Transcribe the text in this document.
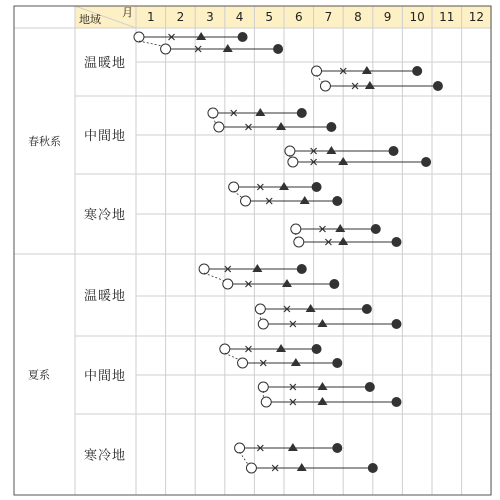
地域
月 1 2 3 4 5 6 7 8 9 10 11 12
温暖地
中間地
寒冷地
温暖地
中間地
寒冷地
春秋系
夏系
